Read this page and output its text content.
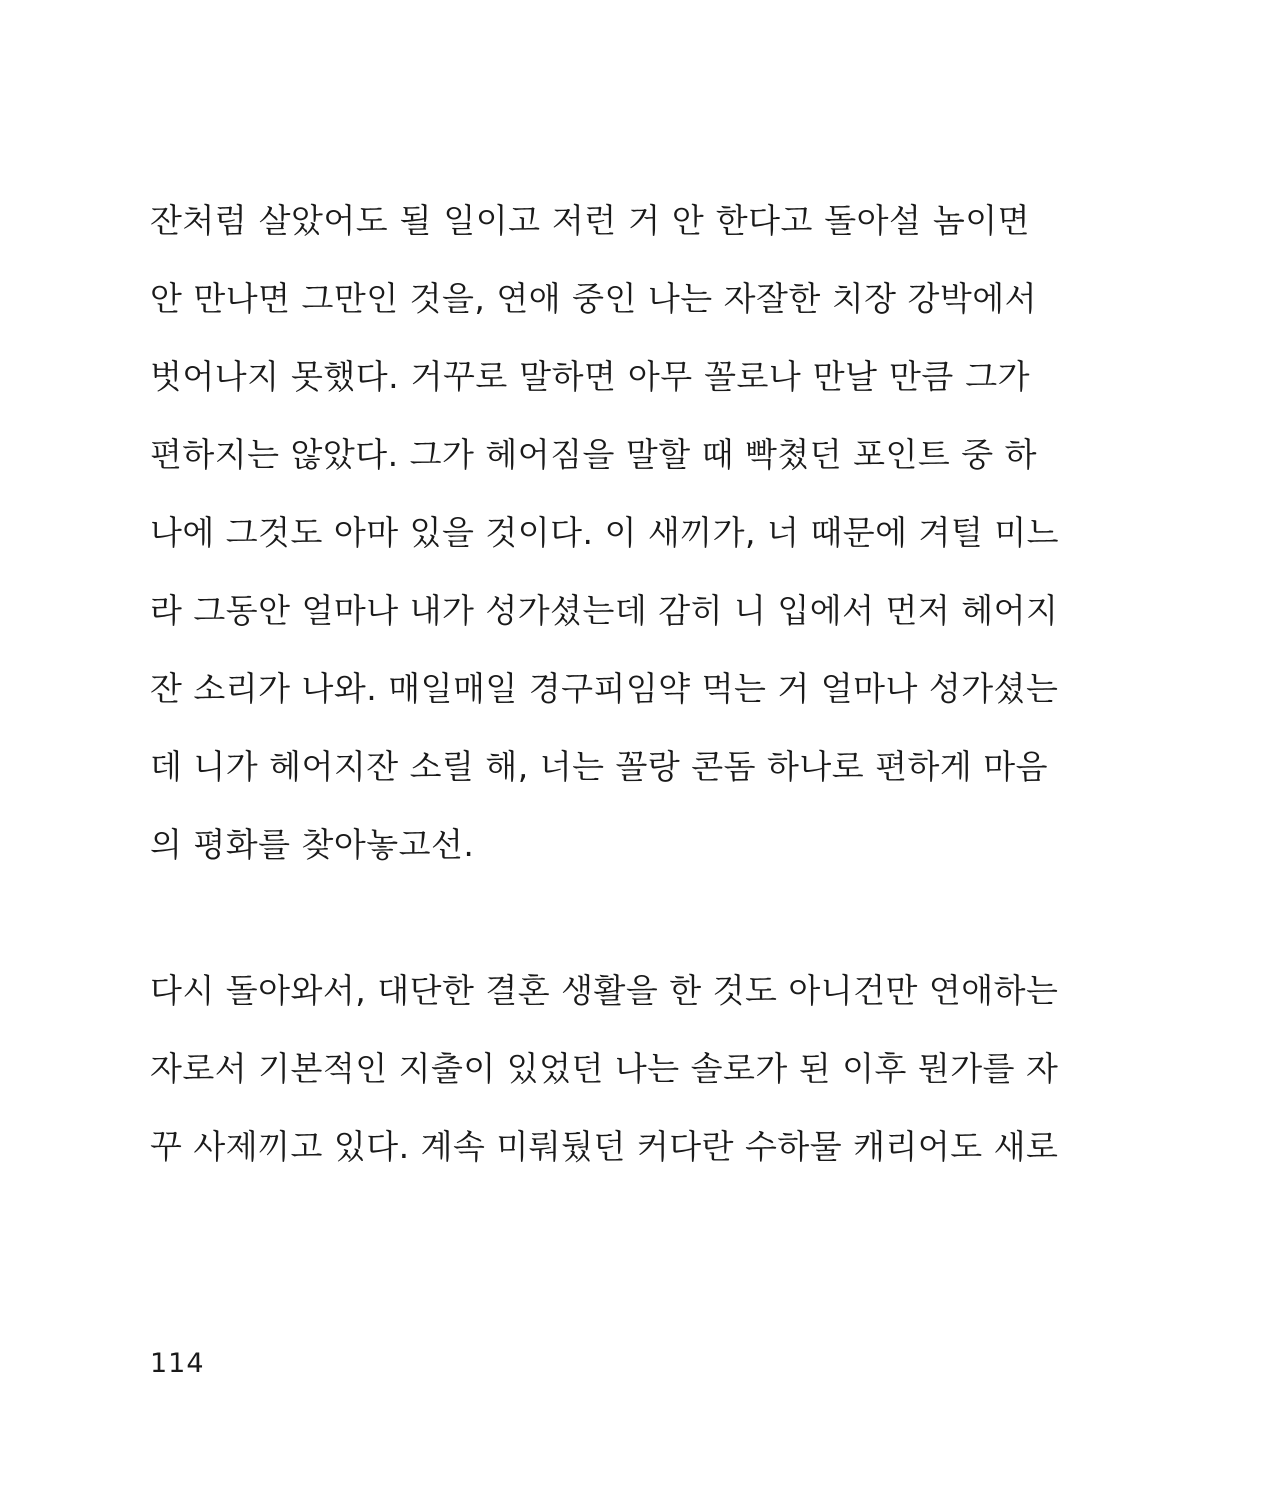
잔처럼 살았어도 될 일이고 저런 거 안 한다고 돌아설 놈이면
안 만나면 그만인 것을, 연애 중인 나는 자잘한 치장 강박에서
벗어나지 못했다. 거꾸로 말하면 아무 꼴로나 만날 만큼 그가
편하지는 않았다. 그가 헤어짐을 말할 때 빡쳤던 포인트 중 하
나에 그것도 아마 있을 것이다. 이 새끼가, 너 때문에 겨털 미느
라 그동안 얼마나 내가 성가셨는데 감히 니 입에서 먼저 헤어지
잔 소리가 나와. 매일매일 경구피임약 먹는 거 얼마나 성가셨는
데 니가 헤어지잔 소릴 해, 너는 꼴랑 콘돔 하나로 편하게 마음
의 평화를 찾아놓고선.
다시 돌아와서, 대단한 결혼 생활을 한 것도 아니건만 연애하는
자로서 기본적인 지출이 있었던 나는 솔로가 된 이후 뭔가를 자
꾸 사제끼고 있다. 계속 미뤄뒀던 커다란 수하물 캐리어도 새로
114
